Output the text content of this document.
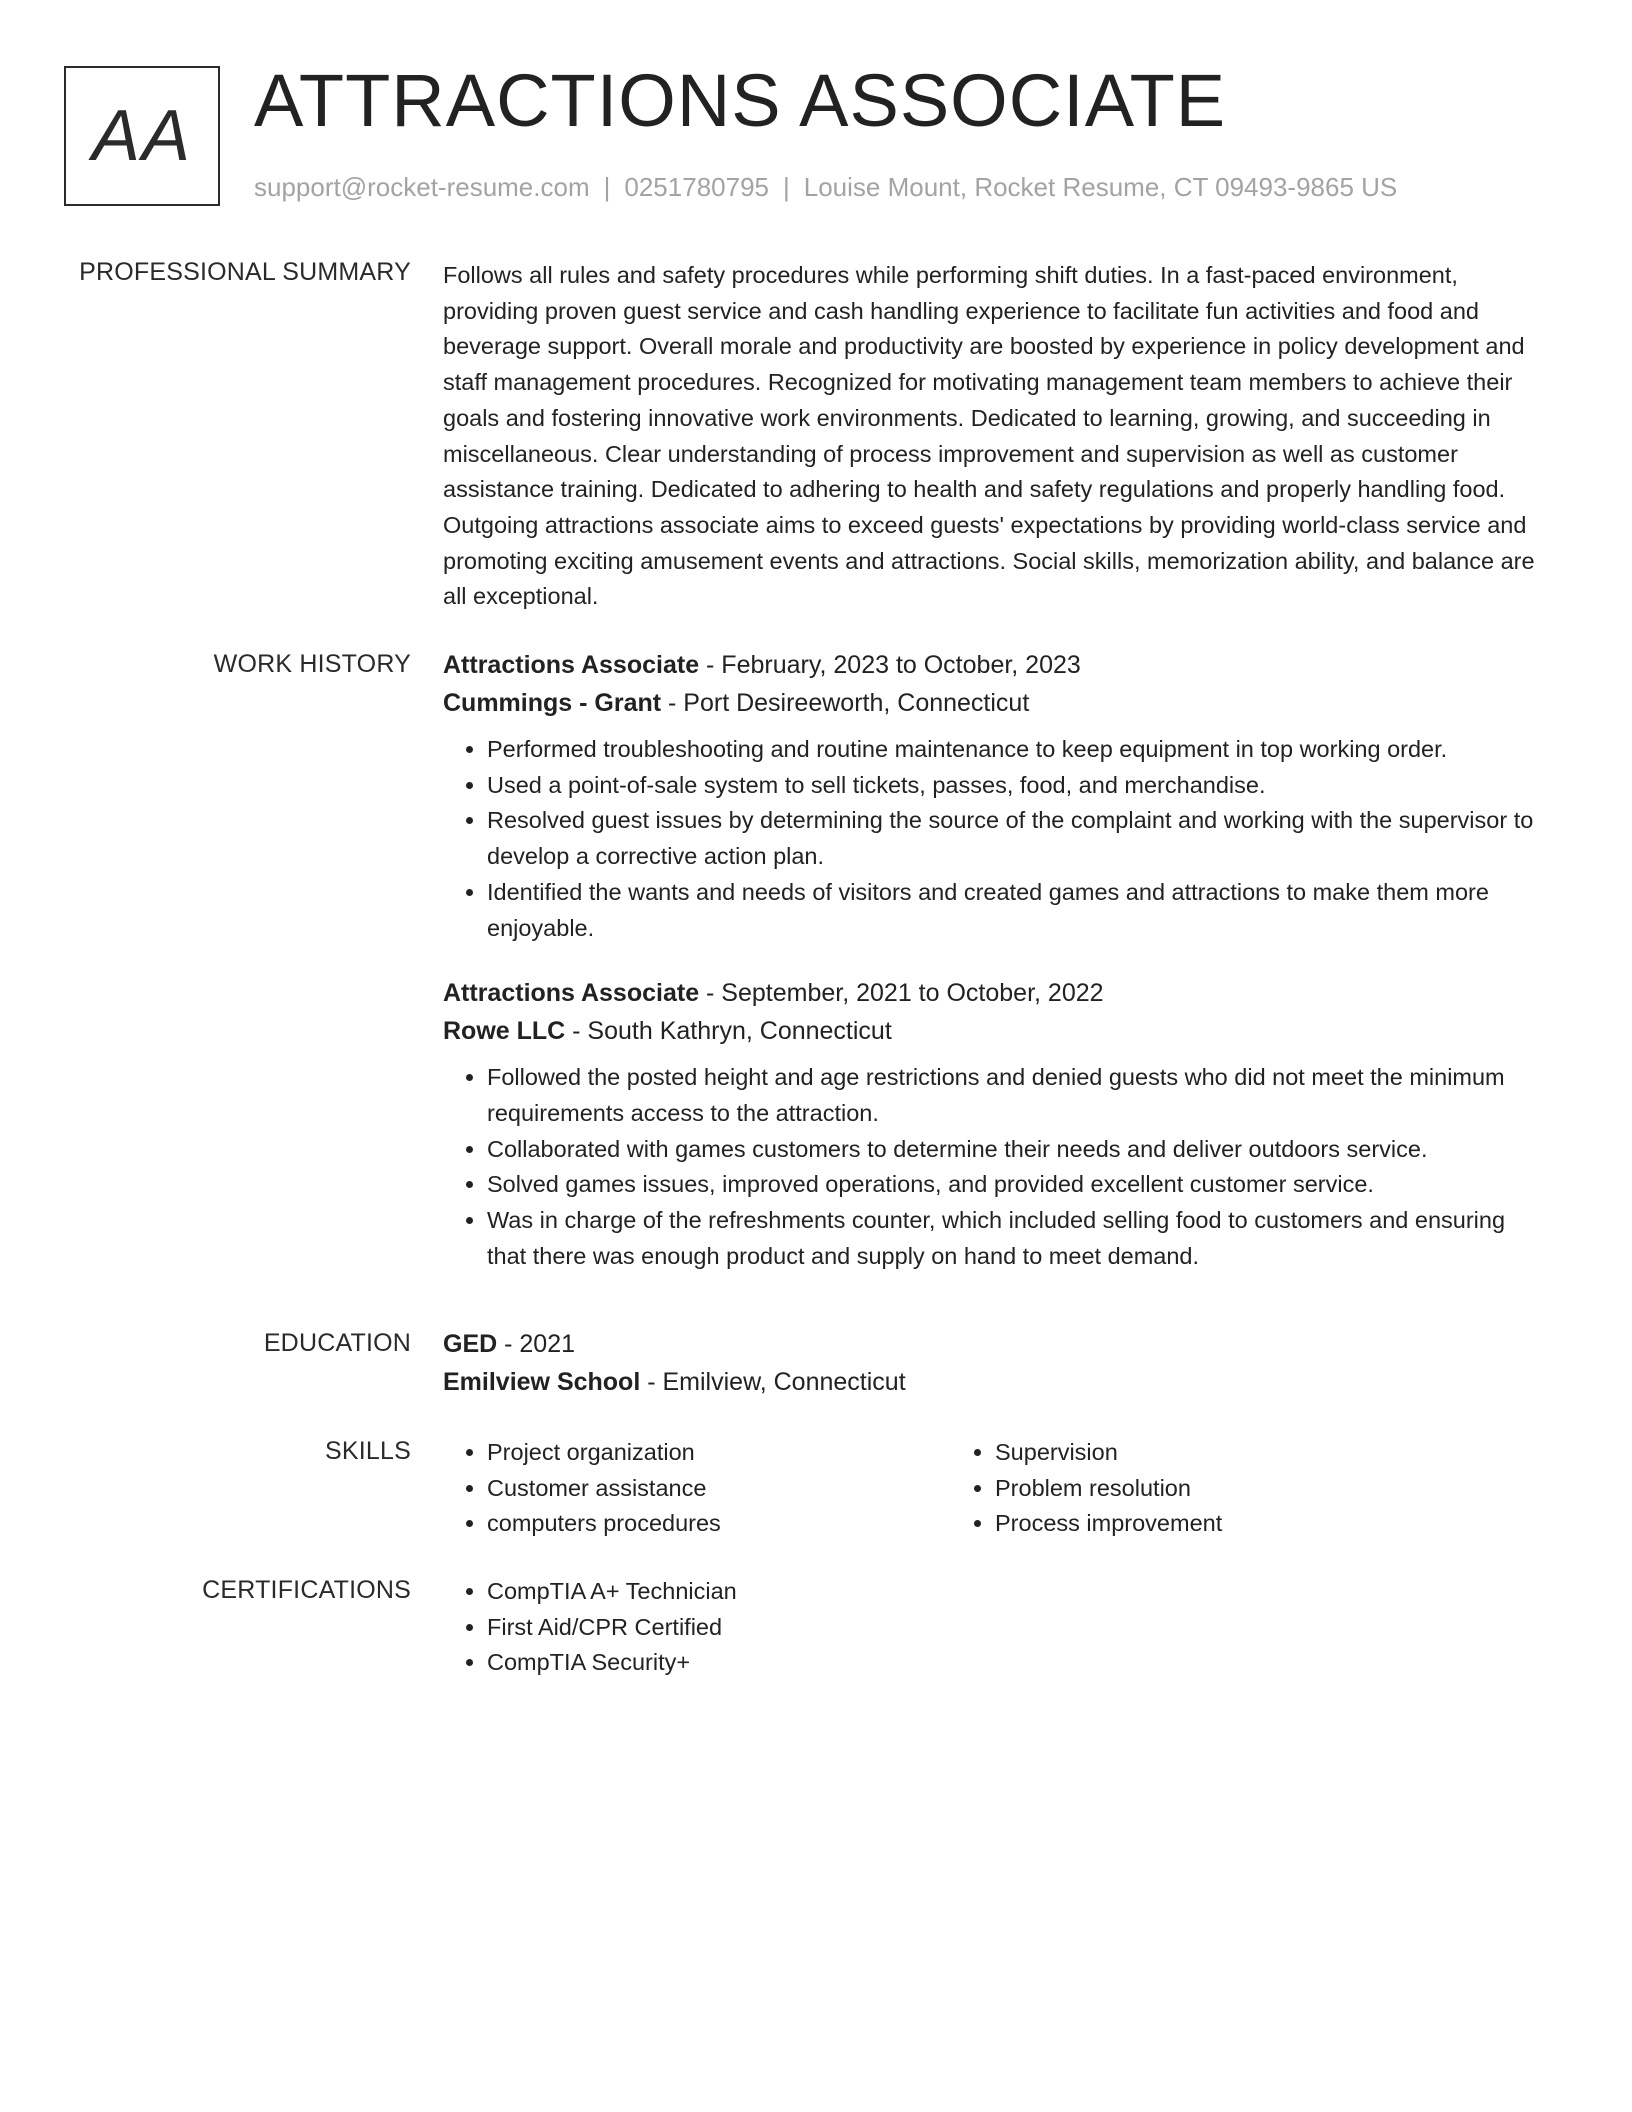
AA ATTRACTIONS ASSOCIATE
support@rocket-resume.com | 0251780795 | Louise Mount, Rocket Resume, CT 09493-9865 US
PROFESSIONAL SUMMARY Follows all rules and safety procedures while performing shift duties. In a fast-paced environment, providing proven guest service and cash handling experience to facilitate fun activities and food and beverage support. Overall morale and productivity are boosted by experience in policy development and staff management procedures. Recognized for motivating management team members to achieve their goals and fostering innovative work environments. Dedicated to learning, growing, and succeeding in miscellaneous. Clear understanding of process improvement and supervision as well as customer assistance training. Dedicated to adhering to health and safety regulations and properly handling food. Outgoing attractions associate aims to exceed guests' expectations by providing world-class service and promoting exciting amusement events and attractions. Social skills, memorization ability, and balance are all exceptional.

WORK HISTORY Attractions Associate - February, 2023 to October, 2023
Cummings - Grant - Port Desireeworth, Connecticut
• Performed troubleshooting and routine maintenance to keep equipment in top working order.
• Used a point-of-sale system to sell tickets, passes, food, and merchandise.
• Resolved guest issues by determining the source of the complaint and working with the supervisor to develop a corrective action plan.
• Identified the wants and needs of visitors and created games and attractions to make them more enjoyable.
Attractions Associate - September, 2021 to October, 2022
Rowe LLC - South Kathryn, Connecticut
• Followed the posted height and age restrictions and denied guests who did not meet the minimum requirements access to the attraction.
• Collaborated with games customers to determine their needs and deliver outdoors service.
• Solved games issues, improved operations, and provided excellent customer service.
• Was in charge of the refreshments counter, which included selling food to customers and ensuring that there was enough product and supply on hand to meet demand.
EDUCATION GED - 2021
Emilview School - Emilview, Connecticut
SKILLS	• Project organization
• Customer assistance
• computers procedures
• Supervision
• Problem resolution
• Process improvement
CERTIFICATIONS	• CompTIA A+ Technician
• First Aid/CPR Certified
• CompTIA Security+
